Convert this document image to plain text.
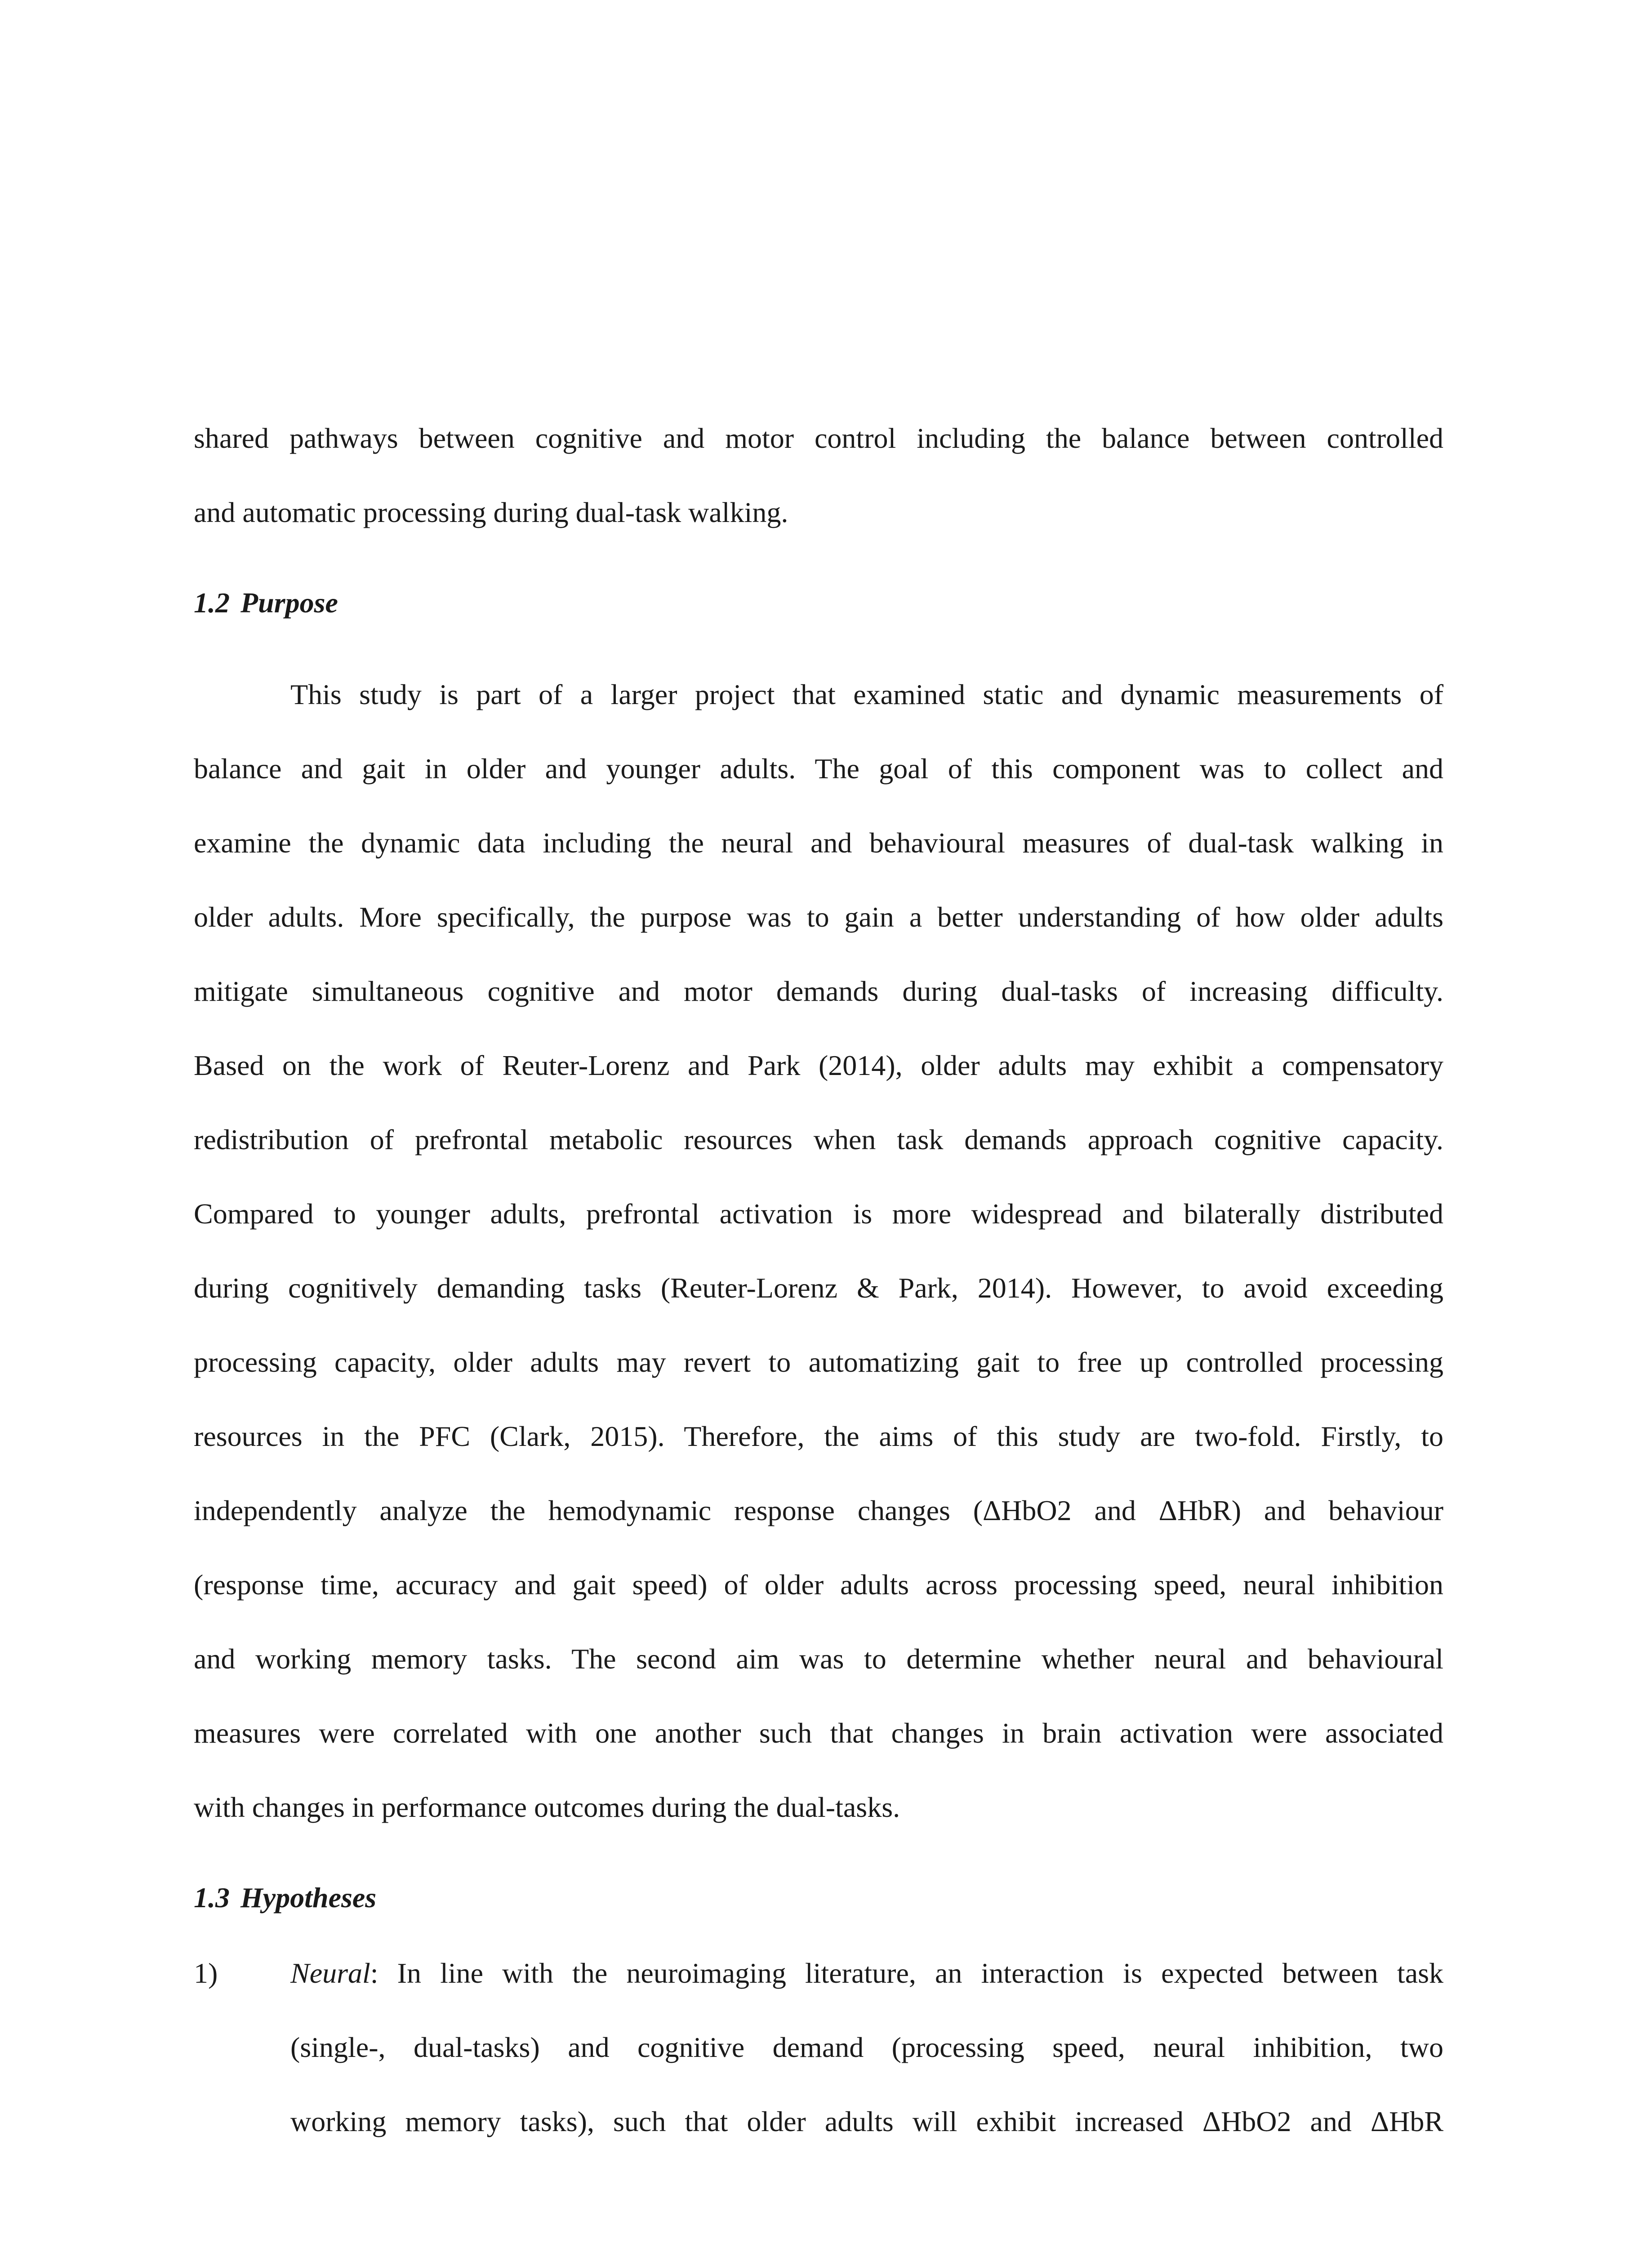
shared pathways between cognitive and motor control including the balance between controlled
and automatic processing during dual-task walking.
1.2 Purpose
This study is part of a larger project that examined static and dynamic measurements of
balance and gait in older and younger adults. The goal of this component was to collect and
examine the dynamic data including the neural and behavioural measures of dual-task walking in
older adults. More specifically, the purpose was to gain a better understanding of how older adults
mitigate simultaneous cognitive and motor demands during dual-tasks of increasing difficulty.
Based on the work of Reuter-Lorenz and Park (2014), older adults may exhibit a compensatory
redistribution of prefrontal metabolic resources when task demands approach cognitive capacity.
Compared to younger adults, prefrontal activation is more widespread and bilaterally distributed
during cognitively demanding tasks (Reuter-Lorenz & Park, 2014). However, to avoid exceeding
processing capacity, older adults may revert to automatizing gait to free up controlled processing
resources in the PFC (Clark, 2015). Therefore, the aims of this study are two-fold. Firstly, to
independently analyze the hemodynamic response changes (ΔHbO2 and ΔHbR) and behaviour
(response time, accuracy and gait speed) of older adults across processing speed, neural inhibition
and working memory tasks. The second aim was to determine whether neural and behavioural
measures were correlated with one another such that changes in brain activation were associated
with changes in performance outcomes during the dual-tasks.
1.3 Hypotheses
1)	Neural: In line with the neuroimaging literature, an interaction is expected between task
(single-, dual-tasks) and cognitive demand (processing speed, neural inhibition, two
working memory tasks), such that older adults will exhibit increased ΔHbO2 and ΔHbR
